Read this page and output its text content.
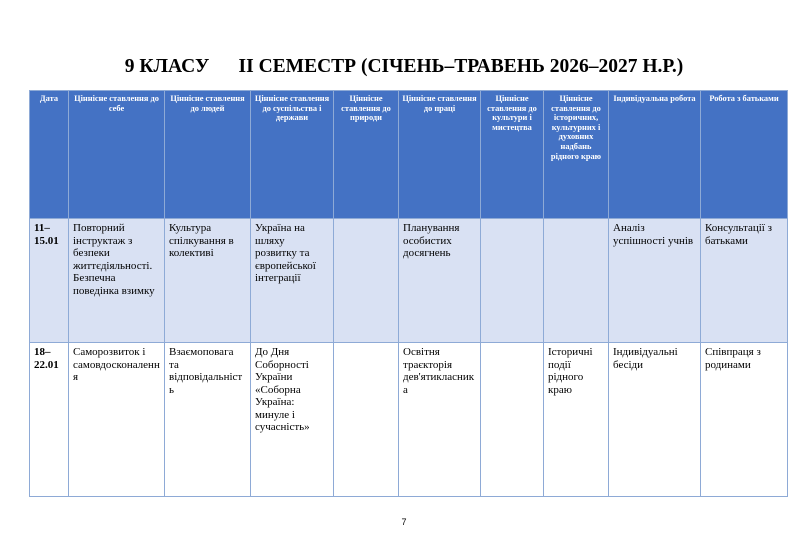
9 КЛАСУ      ІІ СЕМЕСТР (СІЧЕНЬ–ТРАВЕНЬ 2026–2027 Н.Р.)
Дата	Ціннісне ставлення до себе	Ціннісне ставлення до людей	Ціннісне ставлення до суспільства і держави	Ціннісне ставлення до природи	Ціннісне ставлення до праці	Ціннісне ставлення до культури і мистецтва	Ціннісне ставлення до історичних, культурних і духовних надбань рідного краю	Індивідуальна робота	Робота з батьками
11–15.01	Повторний інструктаж з безпеки життєдіяльності. Безпечна поведінка взимку	Культура спілкування в колективі	Україна на шляху розвитку та європейської інтеграції		Планування особистих досягнень			Аналіз успішності учнів	Консультації з батьками
18–22.01	Саморозвиток і самовдосконалення	Взаємоповага та відповідальність	До Дня Соборності України «Соборна Україна: минуле і сучасність»		Освітня траєкторія дев'ятикласника		Історичні події рідного краю	Індивідуальні бесіди	Співпраця з родинами
7
